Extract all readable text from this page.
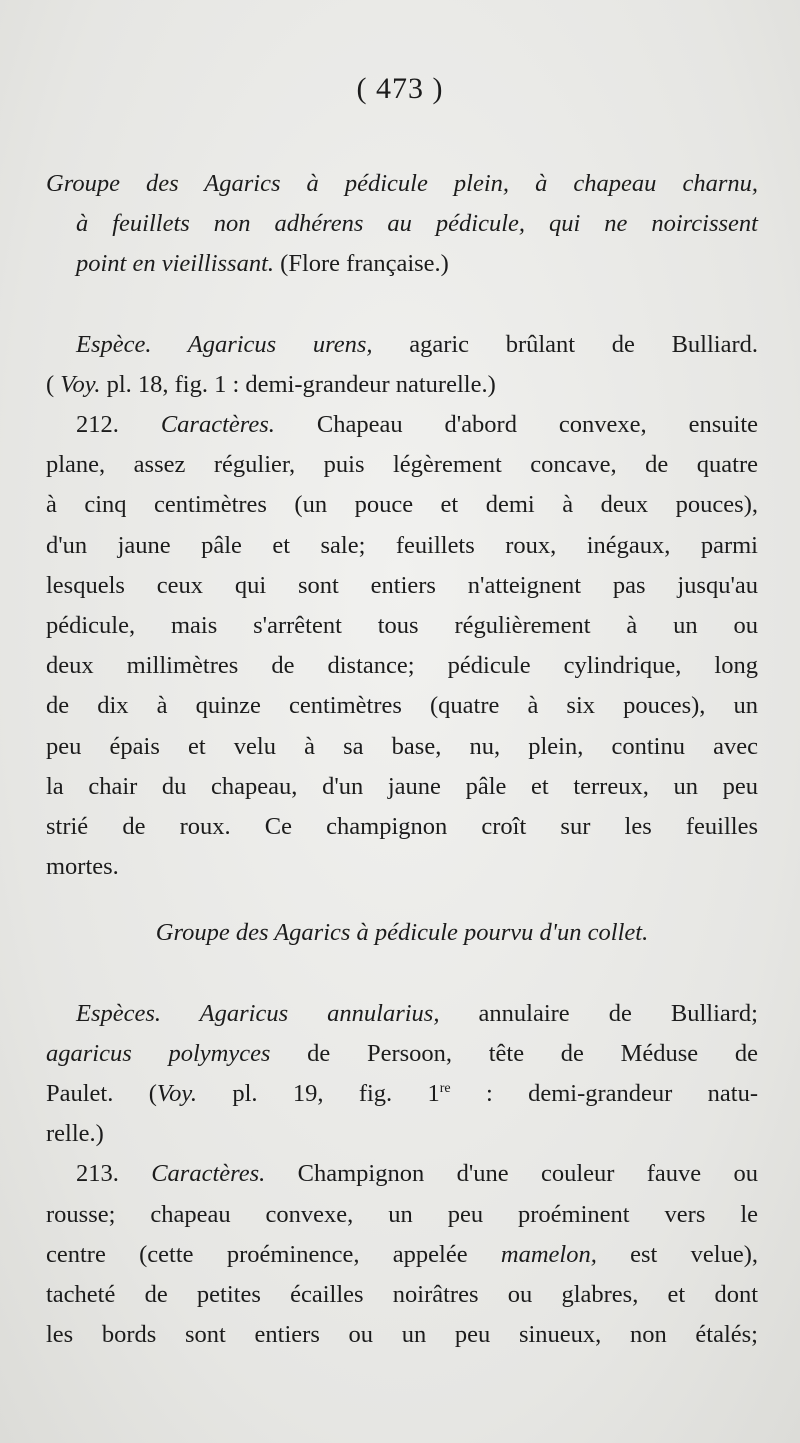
( 473 )

Groupe des Agarics à pédicule plein, à chapeau charnu,

à feuillets non adhérens au pédicule, qui ne noircissent

point en vieillissant. (Flore française.)

Espèce. Agaricus urens, agaric brûlant de Bulliard.

( Voy. pl. 18, fig. 1 : demi-grandeur naturelle.)

212. Caractères. Chapeau d'abord convexe, ensuite

plane, assez régulier, puis légèrement concave, de quatre

à cinq centimètres (un pouce et demi à deux pouces),

d'un jaune pâle et sale; feuillets roux, inégaux, parmi

lesquels ceux qui sont entiers n'atteignent pas jusqu'au

pédicule, mais s'arrêtent tous régulièrement à un ou

deux millimètres de distance; pédicule cylindrique, long

de dix à quinze centimètres (quatre à six pouces), un

peu épais et velu à sa base, nu, plein, continu avec

la chair du chapeau, d'un jaune pâle et terreux, un peu

strié de roux. Ce champignon croît sur les feuilles

mortes.

Groupe des Agarics à pédicule pourvu d'un collet.

Espèces. Agaricus annularius, annulaire de Bulliard;

agaricus polymyces de Persoon, tête de Méduse de

Paulet. (Voy. pl. 19, fig. 1re : demi-grandeur natu-

relle.)

213. Caractères. Champignon d'une couleur fauve ou

rousse; chapeau convexe, un peu proéminent vers le

centre (cette proéminence, appelée mamelon, est velue),

tacheté de petites écailles noirâtres ou glabres, et dont

les bords sont entiers ou un peu sinueux, non étalés;
